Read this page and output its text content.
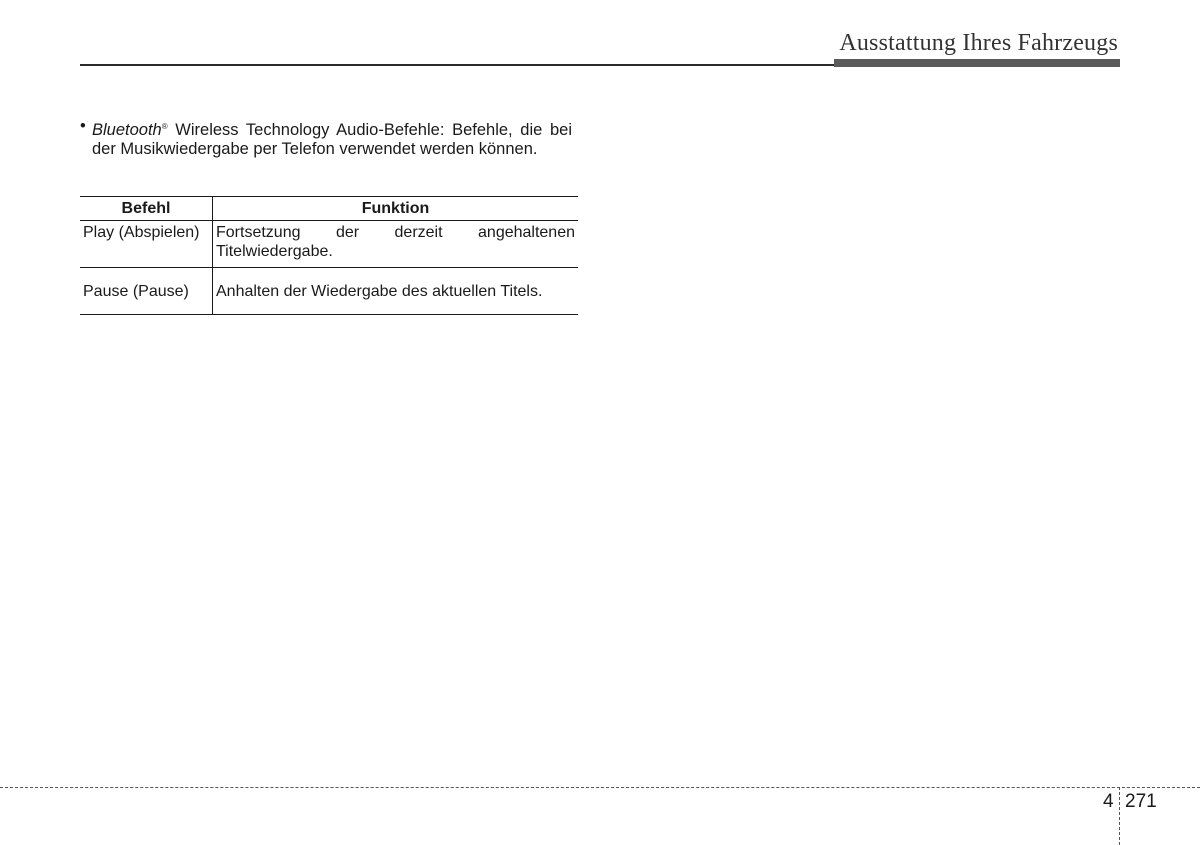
Ausstattung Ihres Fahrzeugs
• Bluetooth® Wireless Technology Audio-Befehle: Befehle, die bei der Musikwiedergabe per Telefon verwendet werden können.
Befehl	Funktion
Play (Abspielen)	Fortsetzung der derzeit angehaltenen Titelwiedergabe.
Pause (Pause)	Anhalten der Wiedergabe des aktuellen Titels.
4 271
